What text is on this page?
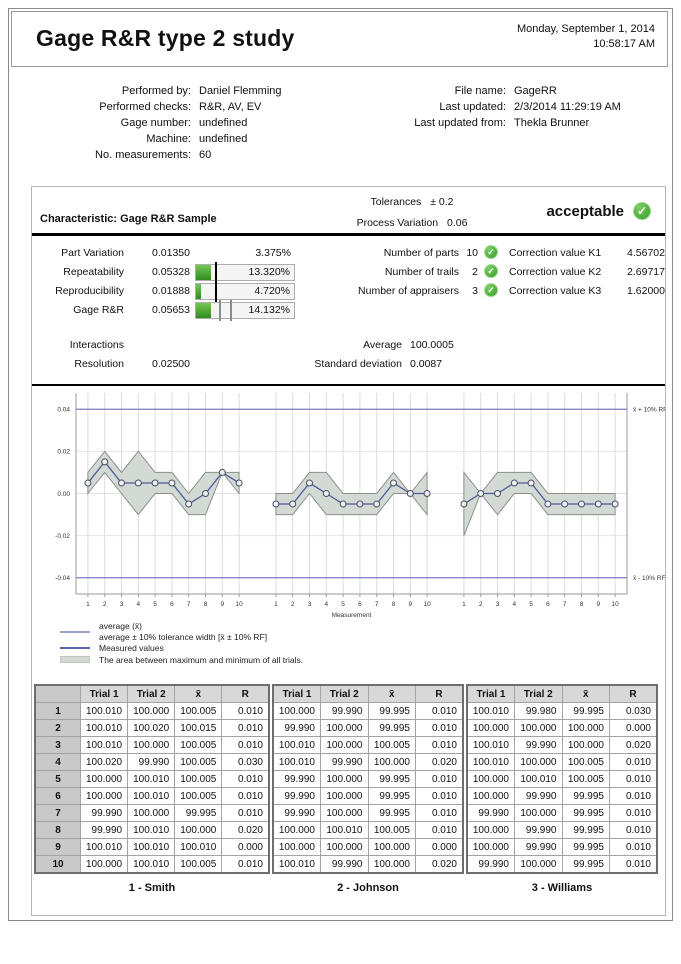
Gage R&R type 2 study	Monday, September 1, 2014
10:58:17 AM
Performed by: Daniel Flemming
Performed checks: R&R, AV, EV
Gage number: undefined
Machine: undefined
No. measurements: 60
File name: GageRR
Last updated: 2/3/2014 11:29:19 AM
Last updated from: Thekla Brunner
Characteristic: Gage R&R Sample
Tolerances ± 0.2
Process Variation 0.06
acceptable	✓
Part Variation	0.01350	3.375%
Repeatability	0.05328	13.320%
Reproducibility	0.01888	4.720%
Gage R&R	0.05653	14.132%
Number of parts 10	✓	Correction value K1	4.56702
Number of trails	2	✓	Correction value K2	2.69717
Number of appraisers	3	✓	Correction value K3	1.62000
Interactions	Average 100.0005
Resolution	0.02500	Standard deviation 0.0087
x̄ + 10% RF
x̄ - 10% RF
0.04
0.02
0.00
-0.02
-0.04
1 2 3 4 5 6 7 8 9 10	1 2 3 4 5 6 7 8 9 10	1 2 3 4 5 6 7 8 9 10
Measurement
average (x̄)
average ± 10% tolerance width [x̄ ± 10% RF]
Measured values
The area between maximum and minimum of all trials.
	Trial 1	Trial 2	x̄	R
1	100.010	100.000	100.005	0.010
2	100.010	100.020	100.015	0.010
3	100.010	100.000	100.005	0.010
4	100.020	99.990	100.005	0.030
5	100.000	100.010	100.005	0.010
6	100.000	100.010	100.005	0.010
7	99.990	100.000	99.995	0.010
8	99.990	100.010	100.000	0.020
9	100.010	100.010	100.010	0.000
10	100.000	100.010	100.005	0.010
Trial 1	Trial 2	x̄	R
100.000	99.990	99.995	0.010
99.990	100.000	99.995	0.010
100.010	100.000	100.005	0.010
100.010	99.990	100.000	0.020
99.990	100.000	99.995	0.010
99.990	100.000	99.995	0.010
99.990	100.000	99.995	0.010
100.000	100.010	100.005	0.010
100.000	100.000	100.000	0.000
100.010	99.990	100.000	0.020
Trial 1	Trial 2	x̄	R
100.010	99.980	99.995	0.030
100.000	100.000	100.000	0.000
100.010	99.990	100.000	0.020
100.010	100.000	100.005	0.010
100.000	100.010	100.005	0.010
100.000	99.990	99.995	0.010
99.990	100.000	99.995	0.010
100.000	99.990	99.995	0.010
100.000	99.990	99.995	0.010
99.990	100.000	99.995	0.010
1 - Smith	2 - Johnson	3 - Williams
